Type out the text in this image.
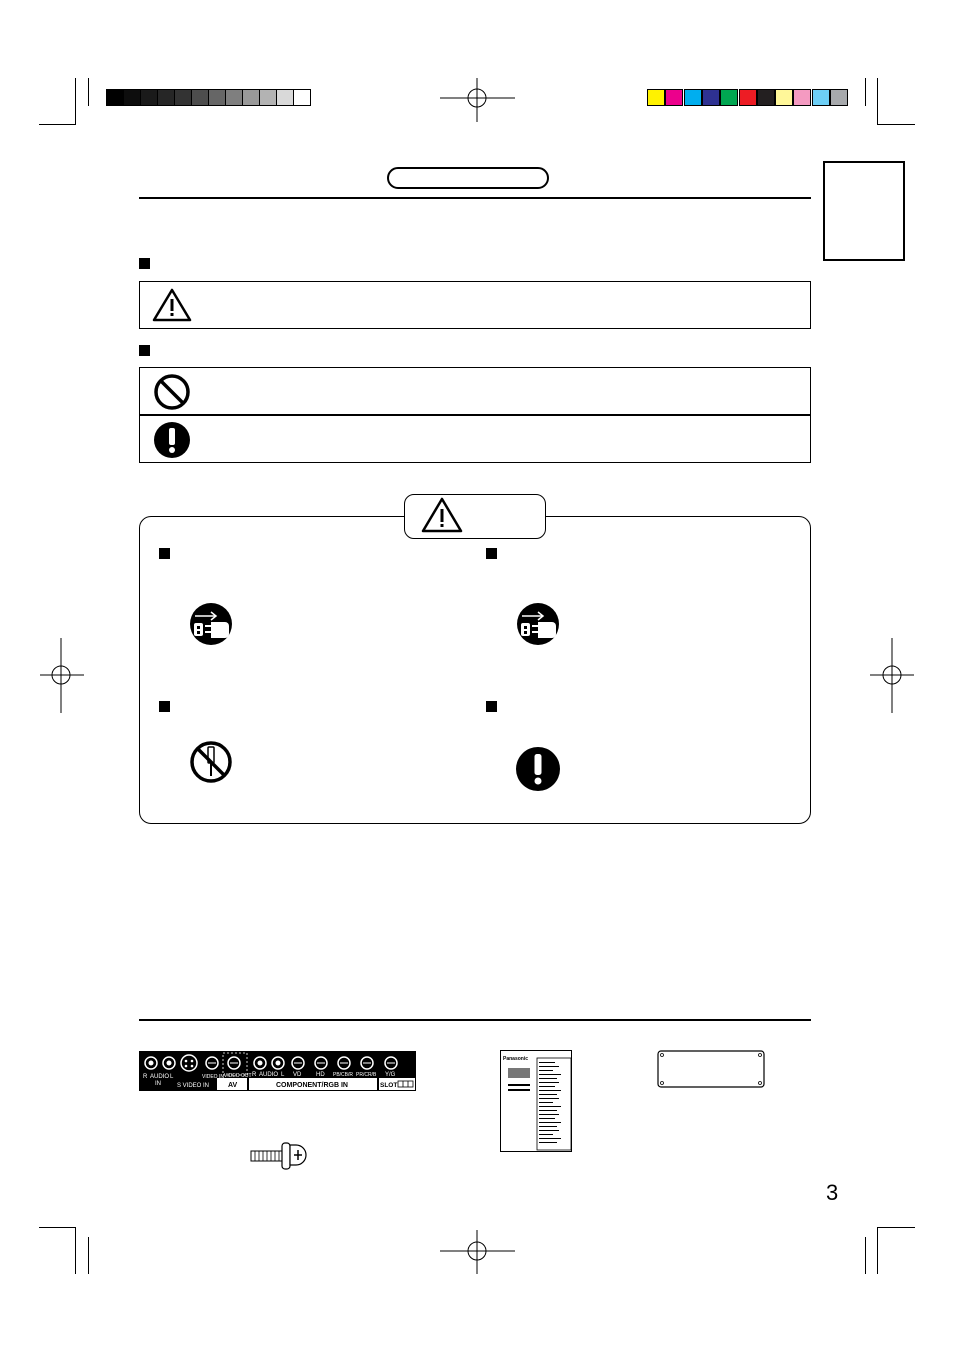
R AUDIO L
IN	S VIDEO IN
VIDEO IN VIDEO OUT R AUDIO L VD HD PB/CB/R PR/CR/B Y/G
AV	COMPONENT/RGB IN	SLOT
Panasonic
3
